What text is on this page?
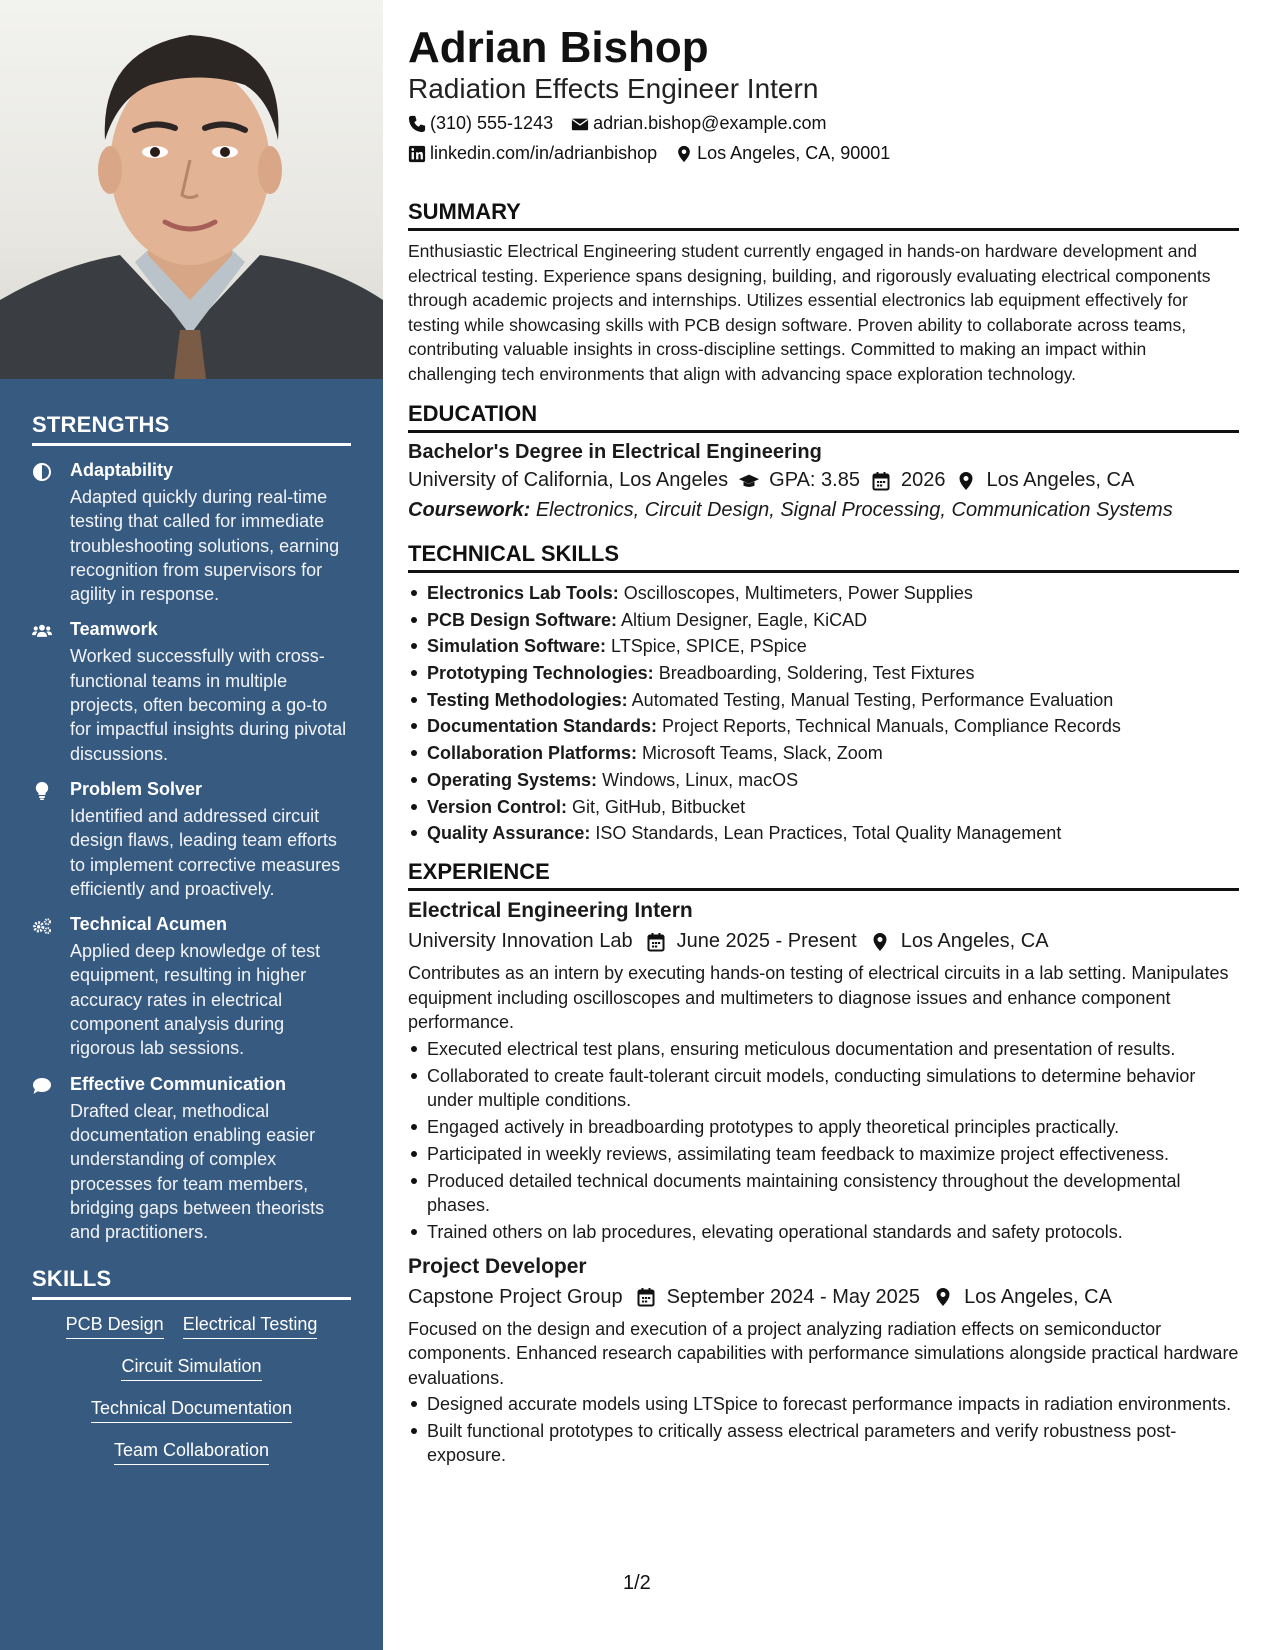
STRENGTHS
Adaptability
Adapted quickly during real-time testing that called for immediate troubleshooting solutions, earning recognition from supervisors for agility in response.
Teamwork
Worked successfully with cross-functional teams in multiple projects, often becoming a go-to for impactful insights during pivotal discussions.
Problem Solver
Identified and addressed circuit design flaws, leading team efforts to implement corrective measures efficiently and proactively.
Technical Acumen
Applied deep knowledge of test equipment, resulting in higher accuracy rates in electrical component analysis during rigorous lab sessions.
Effective Communication
Drafted clear, methodical documentation enabling easier understanding of complex processes for team members, bridging gaps between theorists and practitioners.
SKILLS
PCB Design Electrical Testing
Circuit Simulation
Technical Documentation
Team Collaboration
Adrian Bishop
Radiation Effects Engineer Intern
(310) 555-1243 adrian.bishop@example.com
linkedin.com/in/adrianbishop Los Angeles, CA, 90001
SUMMARY
Enthusiastic Electrical Engineering student currently engaged in hands-on hardware development and electrical testing. Experience spans designing, building, and rigorously evaluating electrical components through academic projects and internships. Utilizes essential electronics lab equipment effectively for testing while showcasing skills with PCB design software. Proven ability to collaborate across teams, contributing valuable insights in cross-discipline settings. Committed to making an impact within challenging tech environments that align with advancing space exploration technology.
EDUCATION
Bachelor's Degree in Electrical Engineering
University of California, Los Angeles GPA: 3.85 2026 Los Angeles, CA
Coursework: Electronics, Circuit Design, Signal Processing, Communication Systems
TECHNICAL SKILLS
Electronics Lab Tools: Oscilloscopes, Multimeters, Power Supplies
PCB Design Software: Altium Designer, Eagle, KiCAD
Simulation Software: LTSpice, SPICE, PSpice
Prototyping Technologies: Breadboarding, Soldering, Test Fixtures
Testing Methodologies: Automated Testing, Manual Testing, Performance Evaluation
Documentation Standards: Project Reports, Technical Manuals, Compliance Records
Collaboration Platforms: Microsoft Teams, Slack, Zoom
Operating Systems: Windows, Linux, macOS
Version Control: Git, GitHub, Bitbucket
Quality Assurance: ISO Standards, Lean Practices, Total Quality Management
EXPERIENCE
Electrical Engineering Intern
University Innovation Lab June 2025 - Present Los Angeles, CA
Contributes as an intern by executing hands-on testing of electrical circuits in a lab setting. Manipulates equipment including oscilloscopes and multimeters to diagnose issues and enhance component performance.
Executed electrical test plans, ensuring meticulous documentation and presentation of results.
Collaborated to create fault-tolerant circuit models, conducting simulations to determine behavior under multiple conditions.
Engaged actively in breadboarding prototypes to apply theoretical principles practically.
Participated in weekly reviews, assimilating team feedback to maximize project effectiveness.
Produced detailed technical documents maintaining consistency throughout the developmental phases.
Trained others on lab procedures, elevating operational standards and safety protocols.
Project Developer
Capstone Project Group September 2024 - May 2025 Los Angeles, CA
Focused on the design and execution of a project analyzing radiation effects on semiconductor components. Enhanced research capabilities with performance simulations alongside practical hardware evaluations.
Designed accurate models using LTSpice to forecast performance impacts in radiation environments.
Built functional prototypes to critically assess electrical parameters and verify robustness post-exposure.
1/2
